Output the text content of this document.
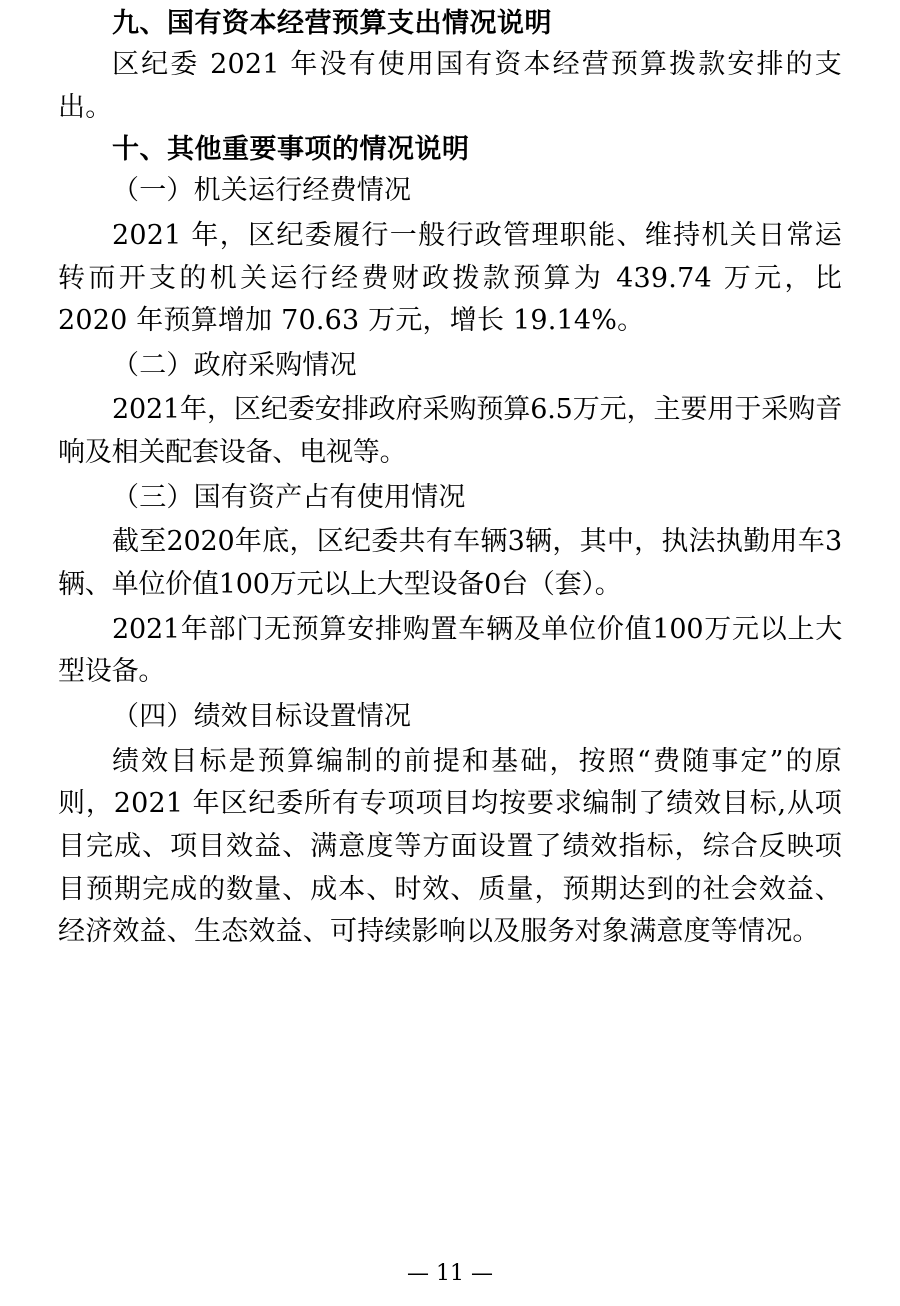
九、国有资本经营预算支出情况说明

区纪委 2021 年没有使用国有资本经营预算拨款安排的支出。

十、其他重要事项的情况说明

（一）机关运行经费情况

2021 年，区纪委履行一般行政管理职能、维持机关日常运转而开支的机关运行经费财政拨款预算为 439.74 万元，比 2020 年预算增加 70.63 万元，增长 19.14%。

（二）政府采购情况

2021年，区纪委安排政府采购预算6.5万元，主要用于采购音响及相关配套设备、电视等。

（三）国有资产占有使用情况

截至2020年底，区纪委共有车辆3辆，其中，执法执勤用车3辆、单位价值100万元以上大型设备0台（套）。

2021年部门无预算安排购置车辆及单位价值100万元以上大型设备。

（四）绩效目标设置情况

绩效目标是预算编制的前提和基础，按照“费随事定”的原则，2021 年区纪委所有专项项目均按要求编制了绩效目标,从项目完成、项目效益、满意度等方面设置了绩效指标，综合反映项目预期完成的数量、成本、时效、质量，预期达到的社会效益、经济效益、生态效益、可持续影响以及服务对象满意度等情况。

— 11 —
